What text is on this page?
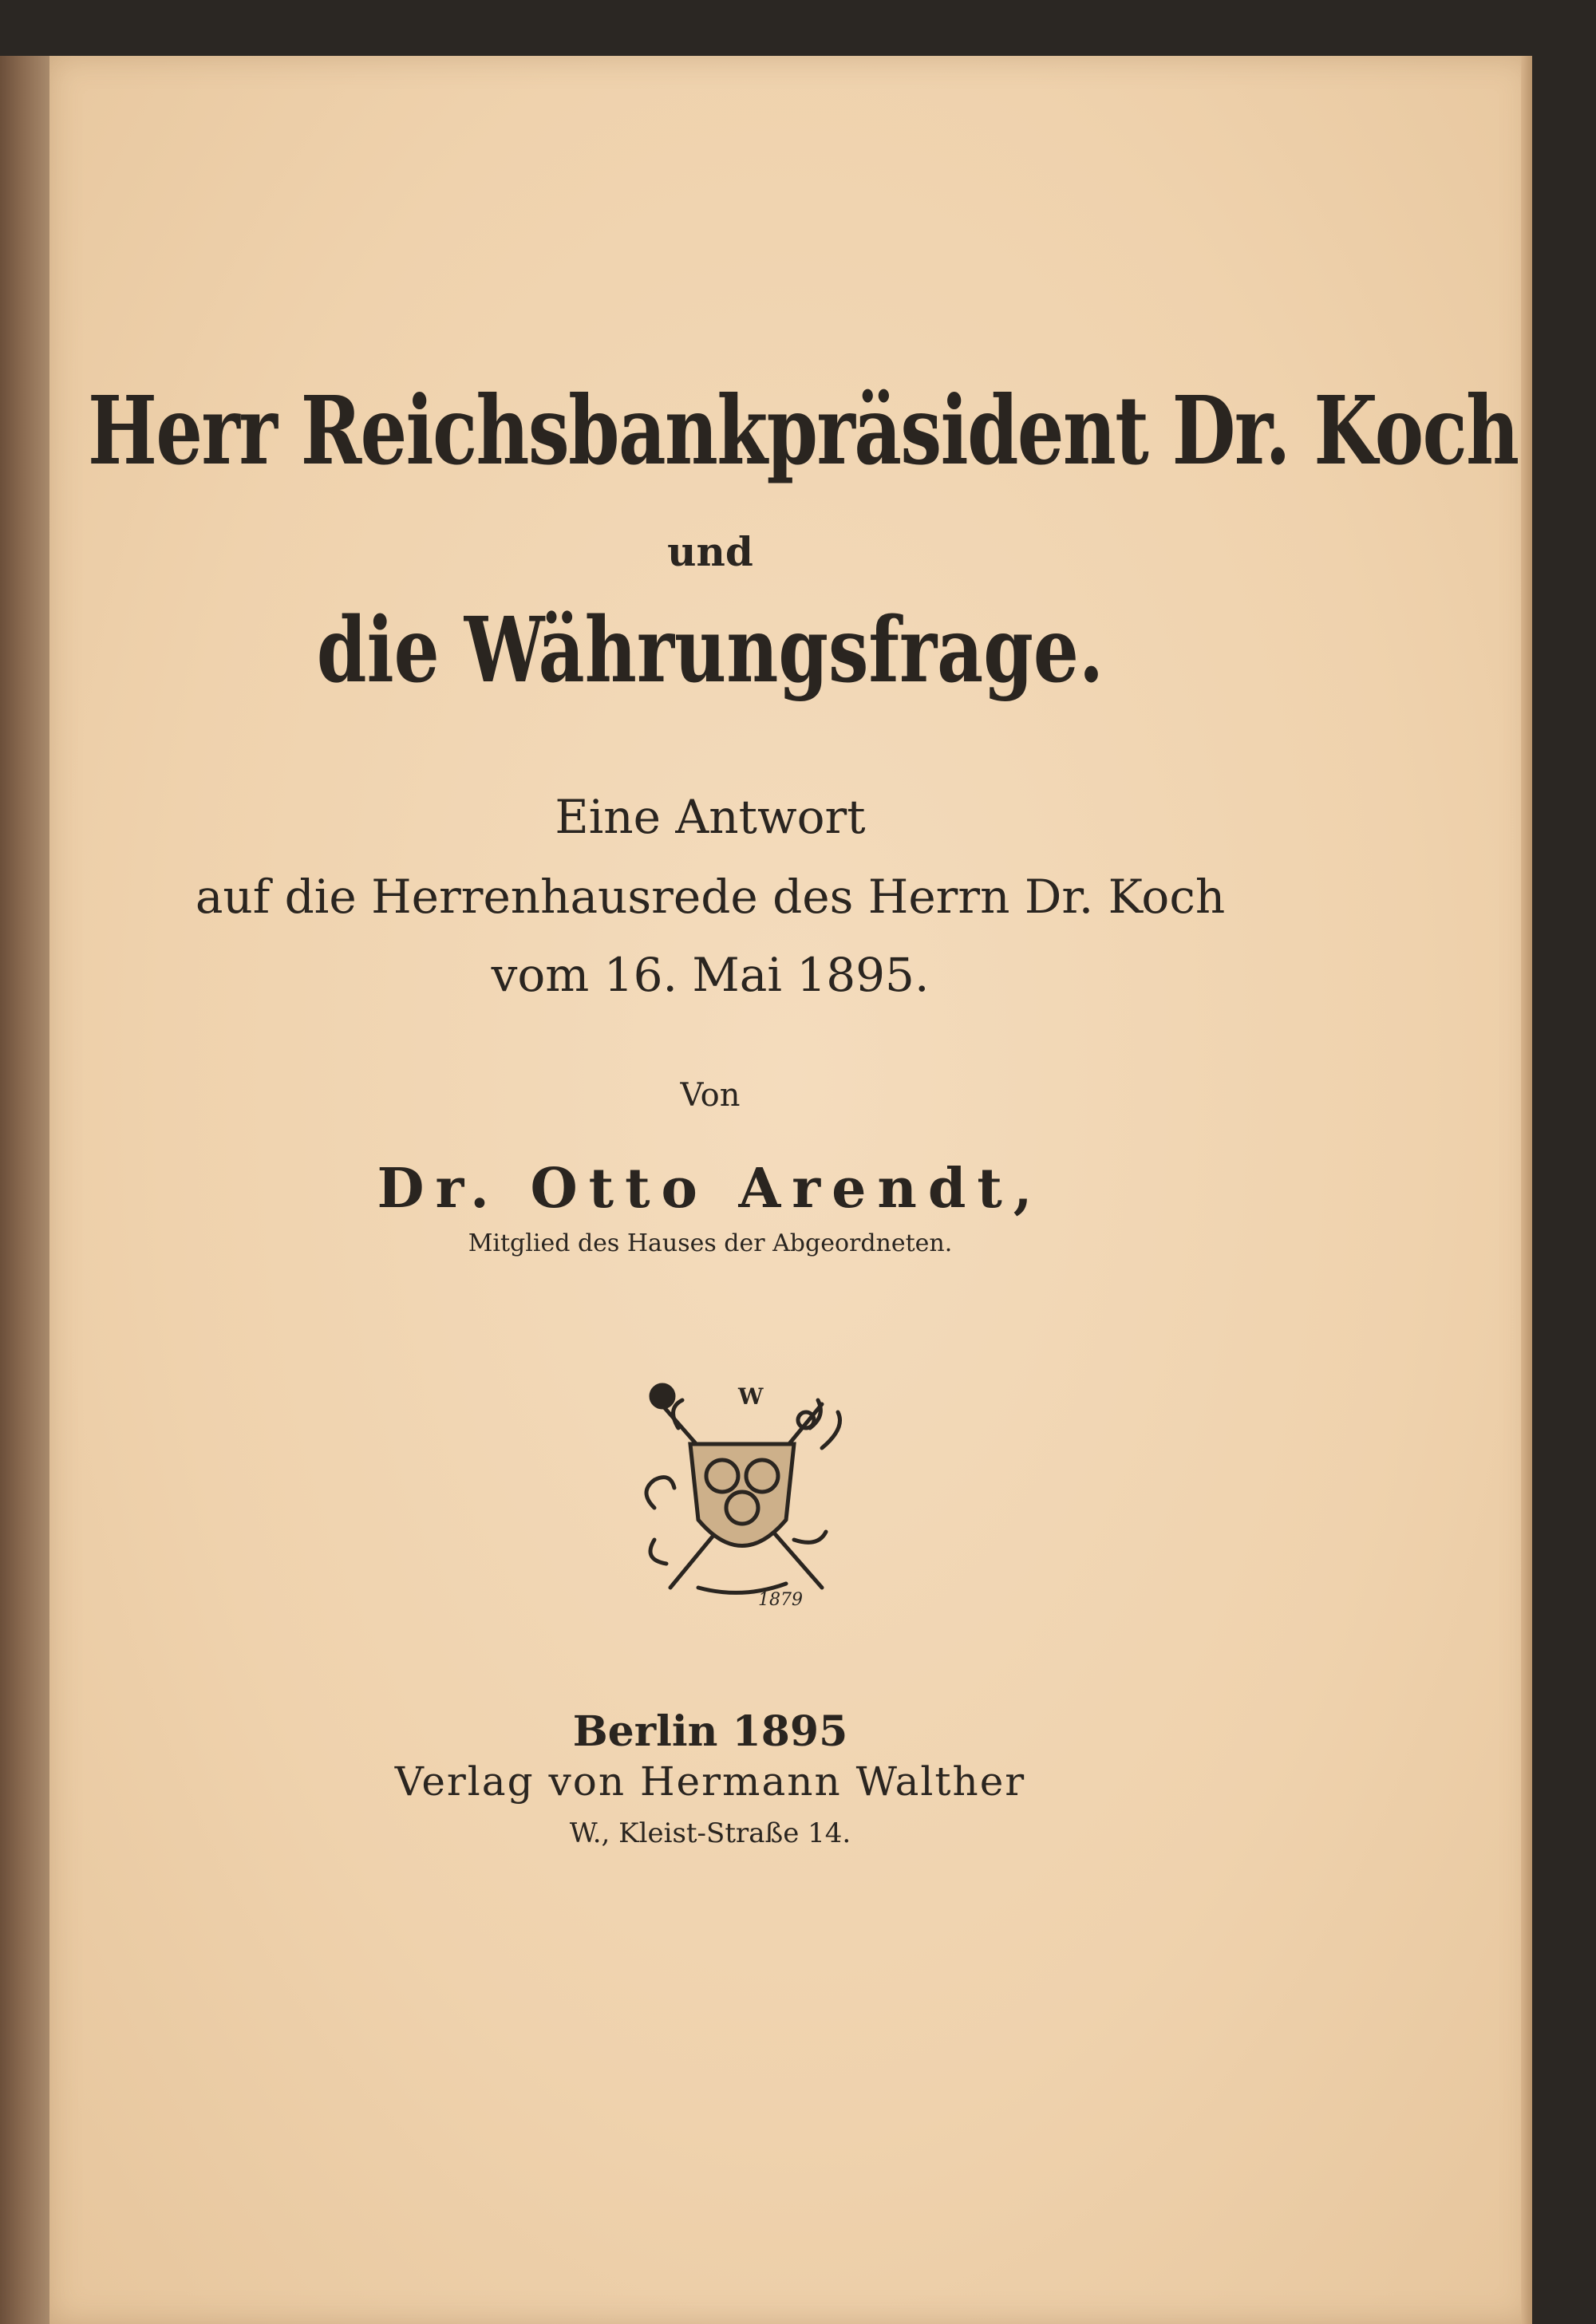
Herr Reichsbankpräsident Dr. Koch
und
die Währungsfrage.
Eine Antwort
auf die Herrenhausrede des Herrn Dr. Koch
vom 16. Mai 1895.
Von
Dr. Otto Arendt,
Mitglied des Hauses der Abgeordneten.
W
1879
Berlin 1895
Verlag von Hermann Walther
W., Kleist-Straße 14.
